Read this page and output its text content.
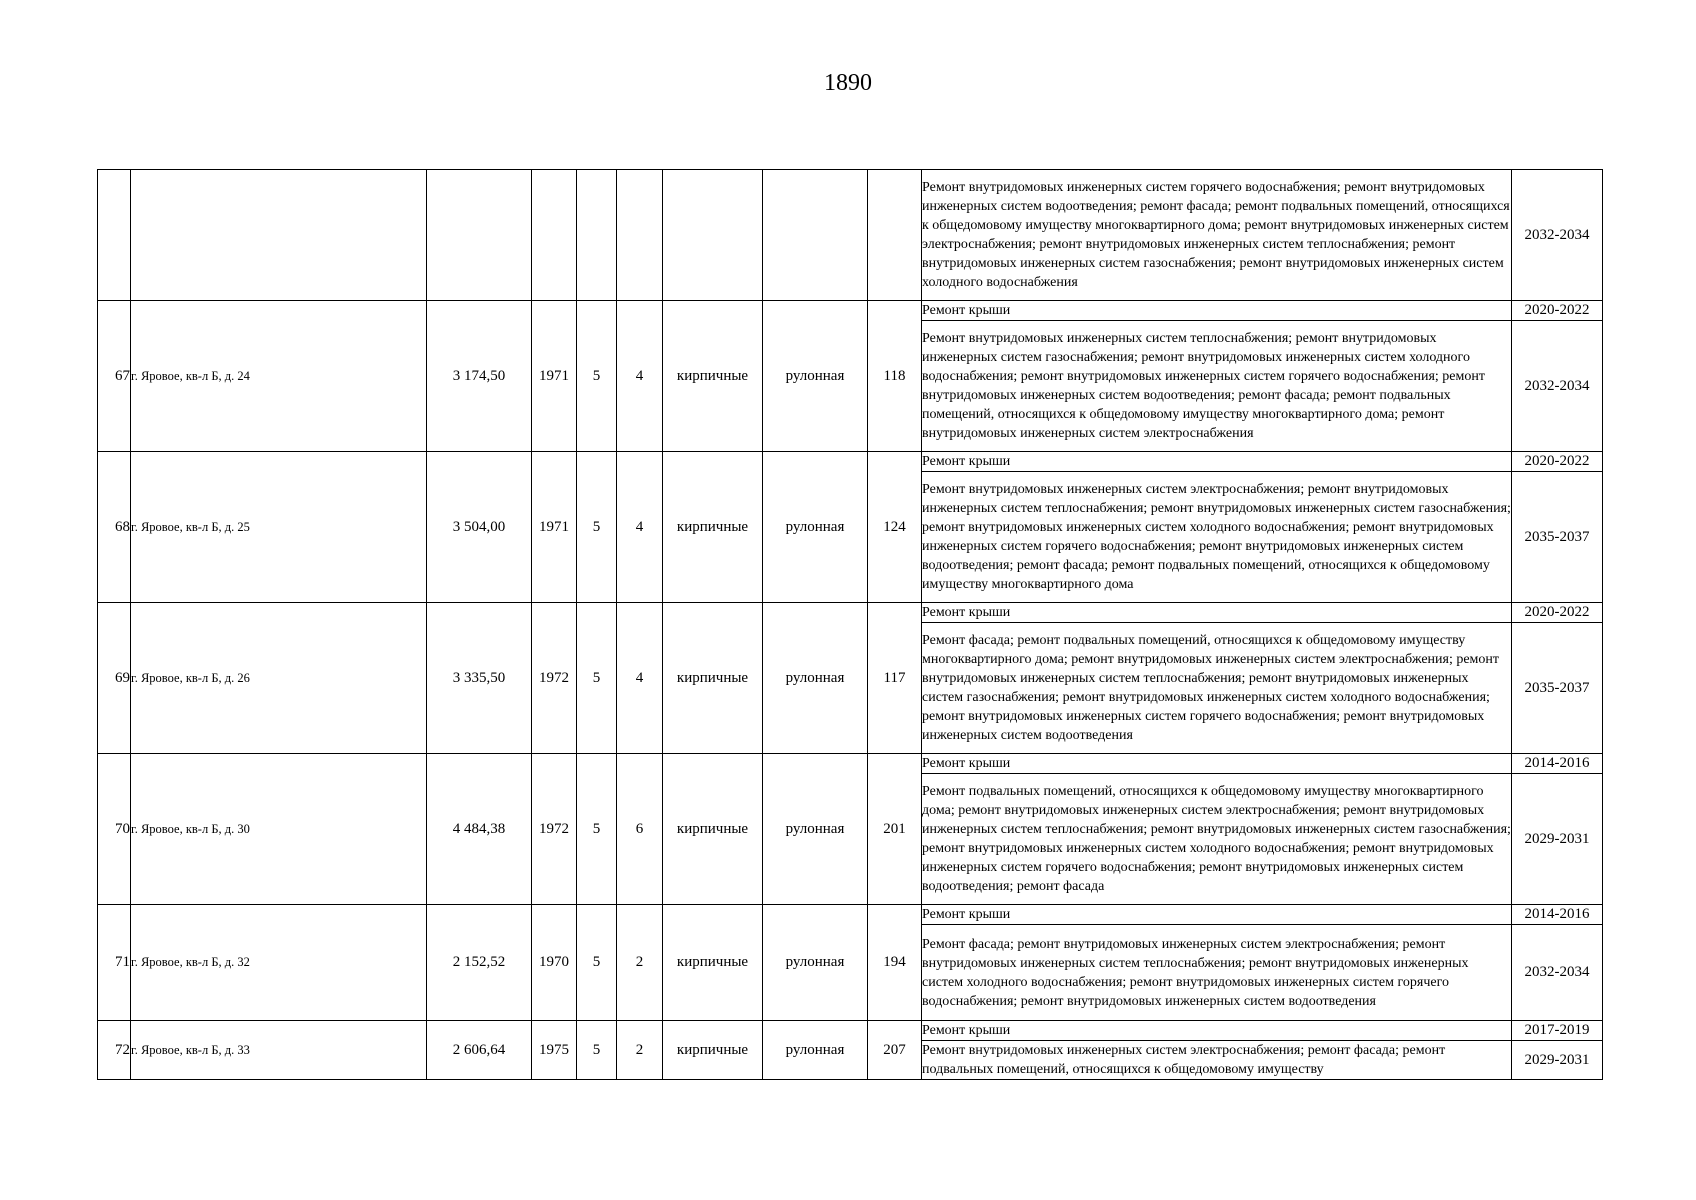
1890
									Ремонт внутридомовых инженерных систем горячего водоснабжения; ремонт внутридомовых инженерных систем водоотведения; ремонт фасада; ремонт подвальных помещений, относящихся к общедомовому имуществу многоквартирного дома; ремонт внутридомовых инженерных систем электроснабжения; ремонт внутридомовых инженерных систем теплоснабжения; ремонт внутридомовых инженерных систем газоснабжения; ремонт внутридомовых инженерных систем холодного водоснабжения	2032-2034
67	г. Яровое, кв-л Б, д. 24	3 174,50	1971	5	4	кирпичные	рулонная	118	Ремонт крыши	2020-2022
									Ремонт внутридомовых инженерных систем теплоснабжения; ремонт внутридомовых инженерных систем газоснабжения; ремонт внутридомовых инженерных систем холодного водоснабжения; ремонт внутридомовых инженерных систем горячего водоснабжения; ремонт внутридомовых инженерных систем водоотведения; ремонт фасада; ремонт подвальных помещений, относящихся к общедомовому имуществу многоквартирного дома; ремонт внутридомовых инженерных систем электроснабжения	2032-2034
68	г. Яровое, кв-л Б, д. 25	3 504,00	1971	5	4	кирпичные	рулонная	124	Ремонт крыши	2020-2022
									Ремонт внутридомовых инженерных систем электроснабжения; ремонт внутридомовых инженерных систем теплоснабжения; ремонт внутридомовых инженерных систем газоснабжения; ремонт внутридомовых инженерных систем холодного водоснабжения; ремонт внутридомовых инженерных систем горячего водоснабжения; ремонт внутридомовых инженерных систем водоотведения; ремонт фасада; ремонт подвальных помещений, относящихся к общедомовому имуществу многоквартирного дома	2035-2037
69	г. Яровое, кв-л Б, д. 26	3 335,50	1972	5	4	кирпичные	рулонная	117	Ремонт крыши	2020-2022
									Ремонт фасада; ремонт подвальных помещений, относящихся к общедомовому имуществу многоквартирного дома; ремонт внутридомовых инженерных систем электроснабжения; ремонт внутридомовых инженерных систем теплоснабжения; ремонт внутридомовых инженерных систем газоснабжения; ремонт внутридомовых инженерных систем холодного водоснабжения; ремонт внутридомовых инженерных систем горячего водоснабжения; ремонт внутридомовых инженерных систем водоотведения	2035-2037
70	г. Яровое, кв-л Б, д. 30	4 484,38	1972	5	6	кирпичные	рулонная	201	Ремонт крыши	2014-2016
									Ремонт подвальных помещений, относящихся к общедомовому имуществу многоквартирного дома; ремонт внутридомовых инженерных систем электроснабжения; ремонт внутридомовых инженерных систем теплоснабжения; ремонт внутридомовых инженерных систем газоснабжения; ремонт внутридомовых инженерных систем холодного водоснабжения; ремонт внутридомовых инженерных систем горячего водоснабжения; ремонт внутридомовых инженерных систем водоотведения; ремонт фасада	2029-2031
71	г. Яровое, кв-л Б, д. 32	2 152,52	1970	5	2	кирпичные	рулонная	194	Ремонт крыши	2014-2016
									Ремонт фасада; ремонт внутридомовых инженерных систем электроснабжения; ремонт внутридомовых инженерных систем теплоснабжения; ремонт внутридомовых инженерных систем холодного водоснабжения; ремонт внутридомовых инженерных систем горячего водоснабжения; ремонт внутридомовых инженерных систем водоотведения	2032-2034
72	г. Яровое, кв-л Б, д. 33	2 606,64	1975	5	2	кирпичные	рулонная	207	Ремонт крыши	2017-2019
									Ремонт внутридомовых инженерных систем электроснабжения; ремонт фасада; ремонт подвальных помещений, относящихся к общедомовому имуществу	2029-2031
